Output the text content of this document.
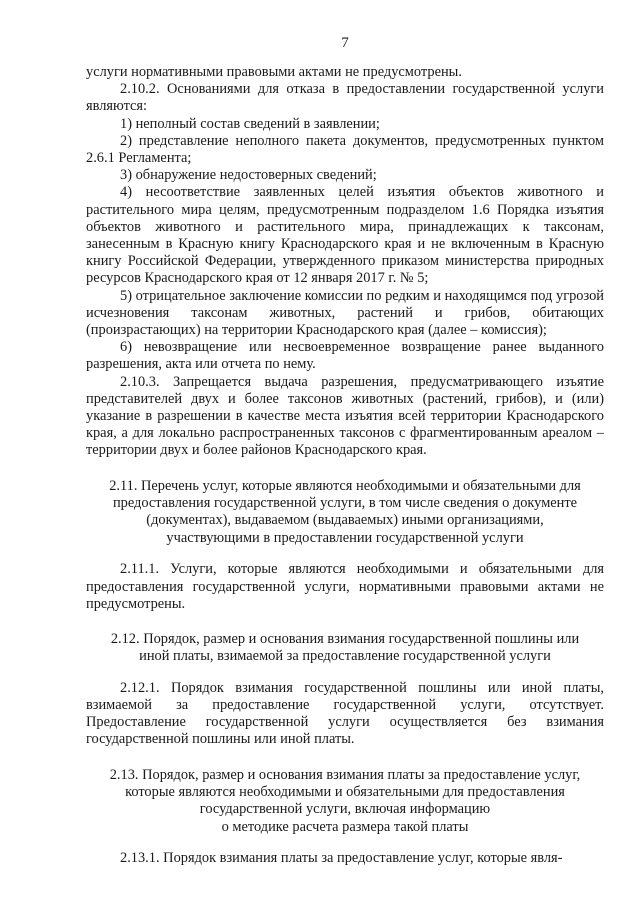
7

услуги нормативными правовыми актами не предусмотрены.

2.10.2. Основаниями для отказа в предоставлении государственной услуги являются:

1) неполный состав сведений в заявлении;

2) представление неполного пакета документов, предусмотренных пунктом 2.6.1 Регламента;

3) обнаружение недостоверных сведений;

4) несоответствие заявленных целей изъятия объектов животного и растительного мира целям, предусмотренным подразделом 1.6 Порядка изъятия объектов животного и растительного мира, принадлежащих к таксонам, занесенным в Красную книгу Краснодарского края и не включенным в Красную книгу Российской Федерации, утвержденного приказом министерства природных ресурсов Краснодарского края от 12 января 2017 г. № 5;

5) отрицательное заключение комиссии по редким и находящимся под угрозой исчезновения таксонам животных, растений и грибов, обитающих (произрастающих) на территории Краснодарского края (далее – комиссия);

6) невозвращение или несвоевременное возвращение ранее выданного разрешения, акта или отчета по нему.

2.10.3. Запрещается выдача разрешения, предусматривающего изъятие представителей двух и более таксонов животных (растений, грибов), и (или) указание в разрешении в качестве места изъятия всей территории Краснодарского края, а для локально распространенных таксонов с фрагментированным ареалом – территории двух и более районов Краснодарского края.

2.11. Перечень услуг, которые являются необходимыми и обязательными для

предоставления государственной услуги, в том числе сведения о документе

(документах), выдаваемом (выдаваемых) иными организациями,

участвующими в предоставлении государственной услуги

2.11.1. Услуги, которые являются необходимыми и обязательными для предоставления государственной услуги, нормативными правовыми актами не предусмотрены.

2.12. Порядок, размер и основания взимания государственной пошлины или

иной платы, взимаемой за предоставление государственной услуги

2.12.1. Порядок взимания государственной пошлины или иной платы, взимаемой за предоставление государственной услуги, отсутствует. Предоставление государственной услуги осуществляется без взимания государственной пошлины или иной платы.

2.13. Порядок, размер и основания взимания платы за предоставление услуг,

которые являются необходимыми и обязательными для предоставления

государственной услуги, включая информацию

о методике расчета размера такой платы

2.13.1. Порядок взимания платы за предоставление услуг, которые явля-
